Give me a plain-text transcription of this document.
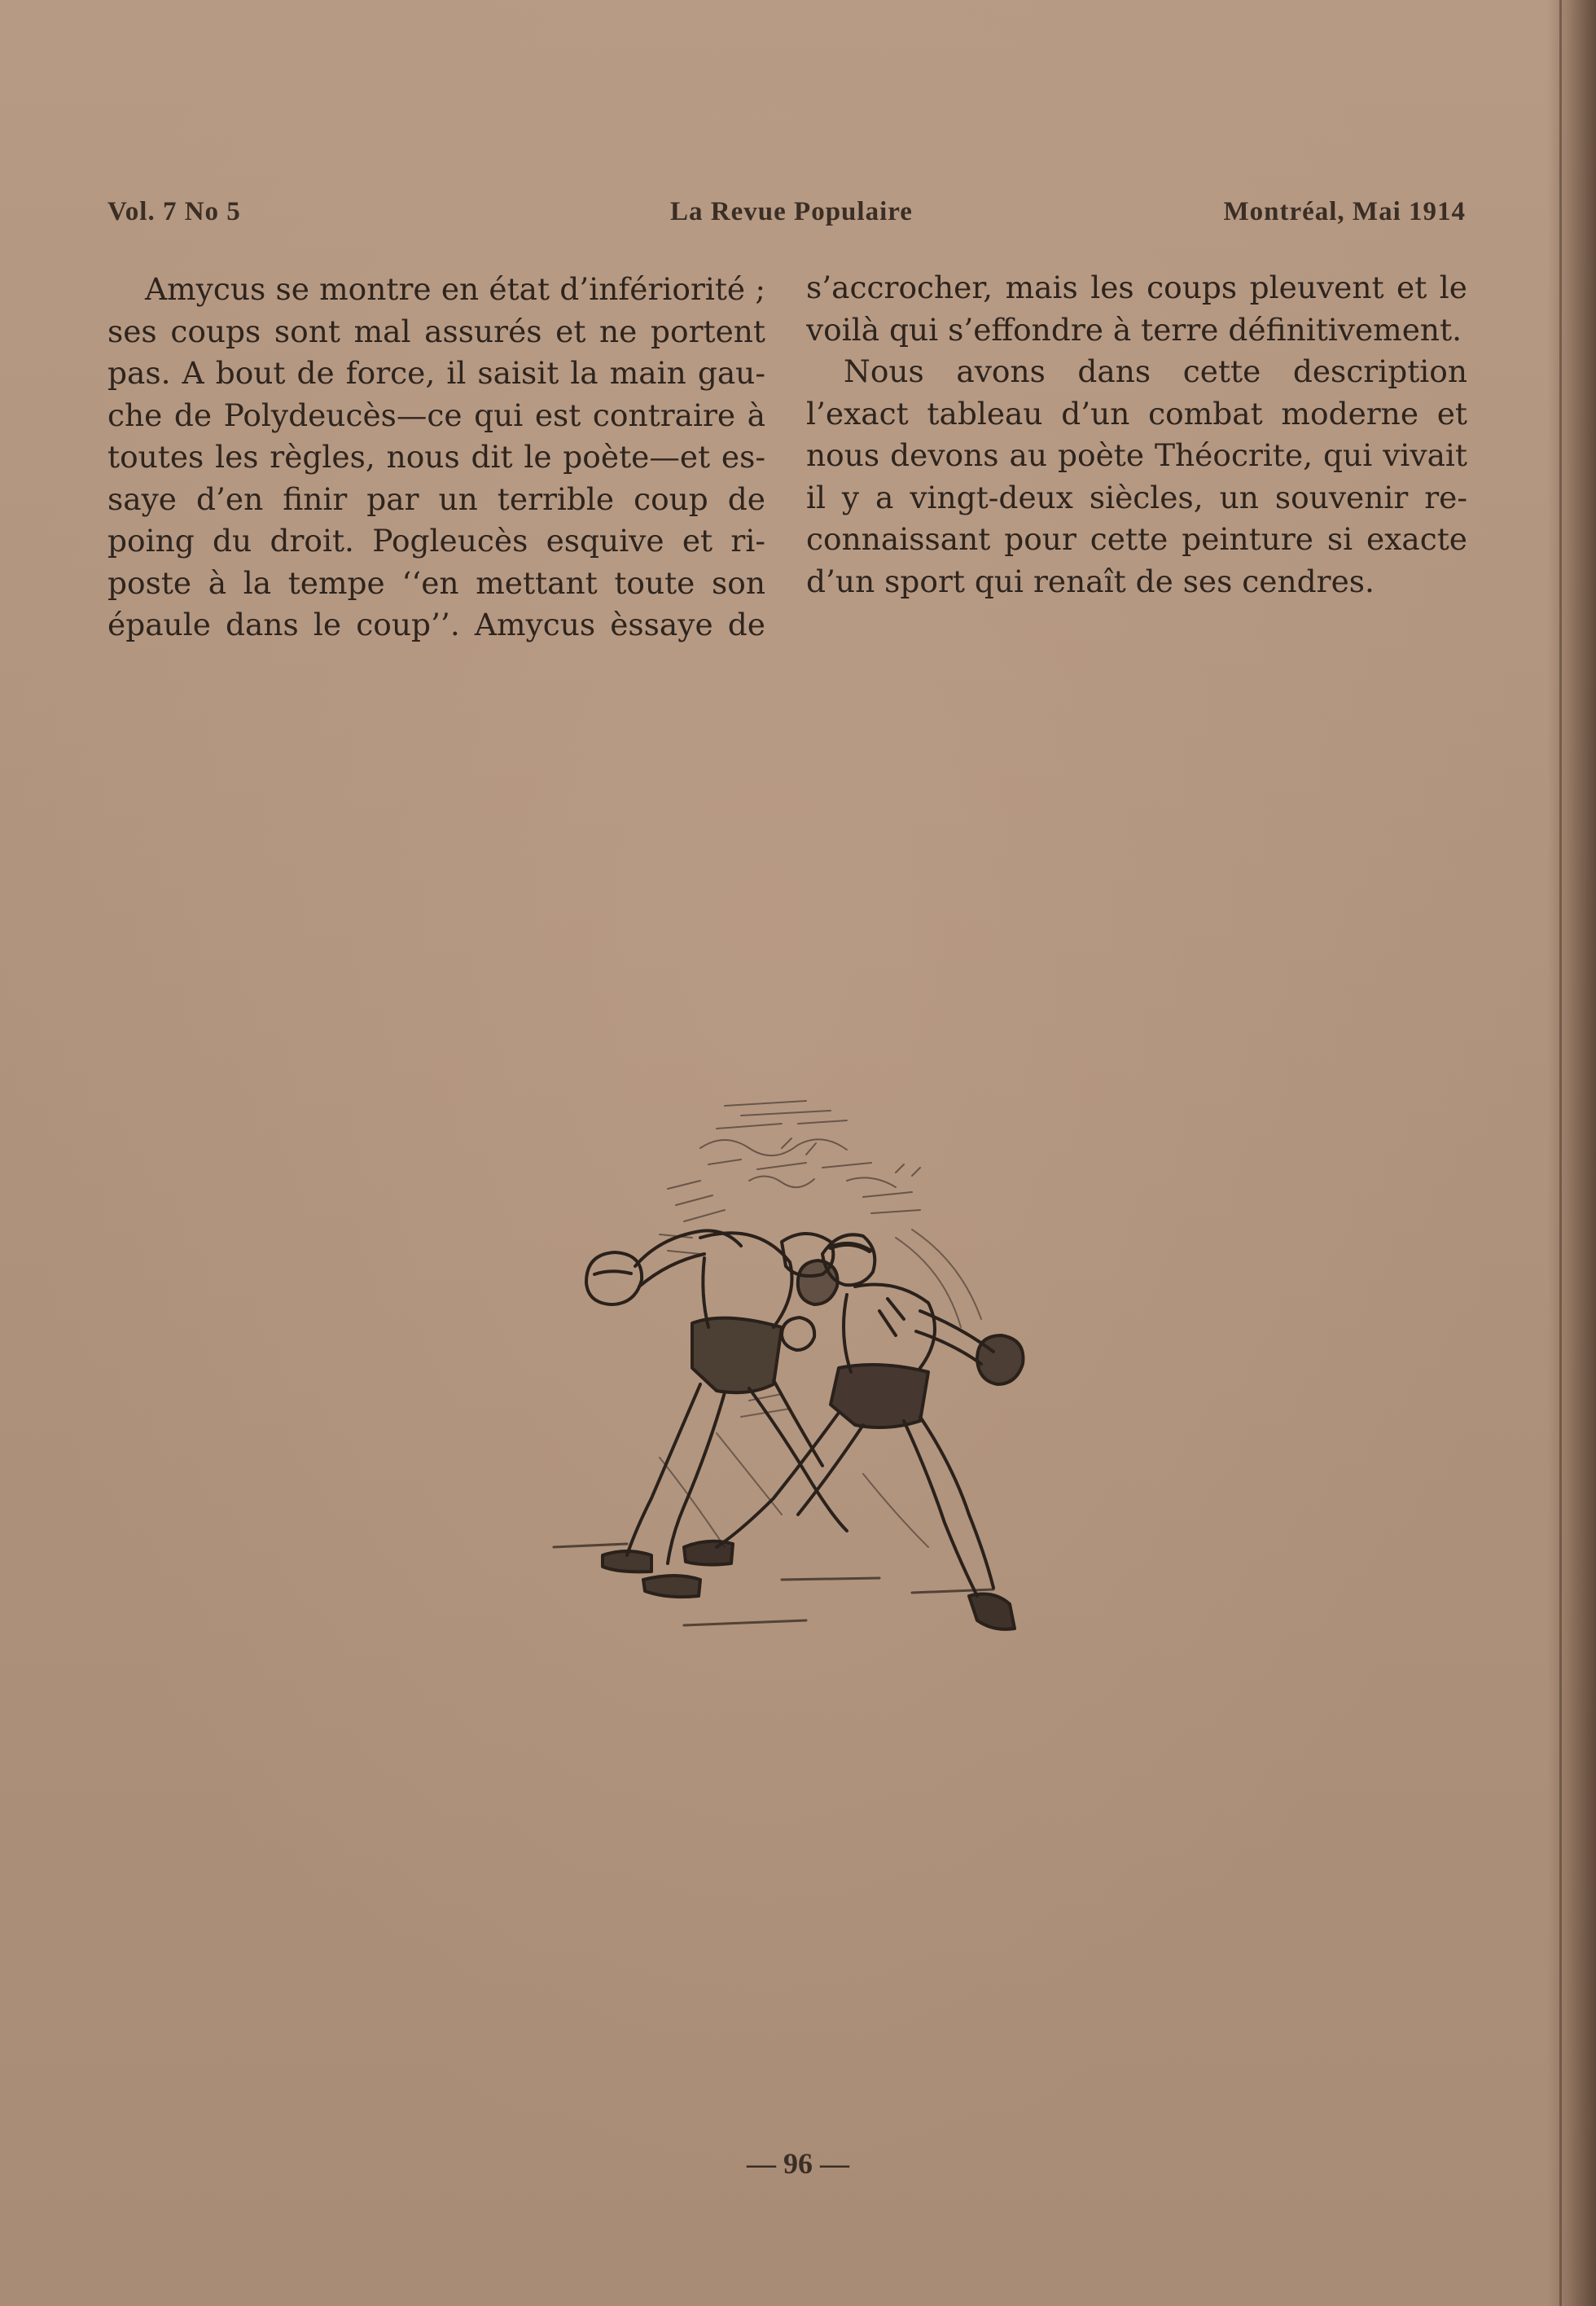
Vol. 7 No 5	La Revue Populaire	Montréal, Mai 1914
Amycus se montre en état d’infériorité ;
ses coups sont mal assurés et ne portent
pas. A bout de force, il saisit la main gau-
che de Polydeucès—ce qui est contraire à
toutes les règles, nous dit le poète—et es-
saye d’en finir par un terrible coup de
poing du droit. Pogleucès esquive et ri-
poste à la tempe ‘‘en mettant toute son
épaule dans le coup’’. Amycus èssaye de
s’accrocher, mais les coups pleuvent et le
voilà qui s’effondre à terre définitivement.
Nous avons dans cette description
l’exact tableau d’un combat moderne et
nous devons au poète Théocrite, qui vivait
il y a vingt-deux siècles, un souvenir re-
connaissant pour cette peinture si exacte
d’un sport qui renaît de ses cendres.
— 96 —
